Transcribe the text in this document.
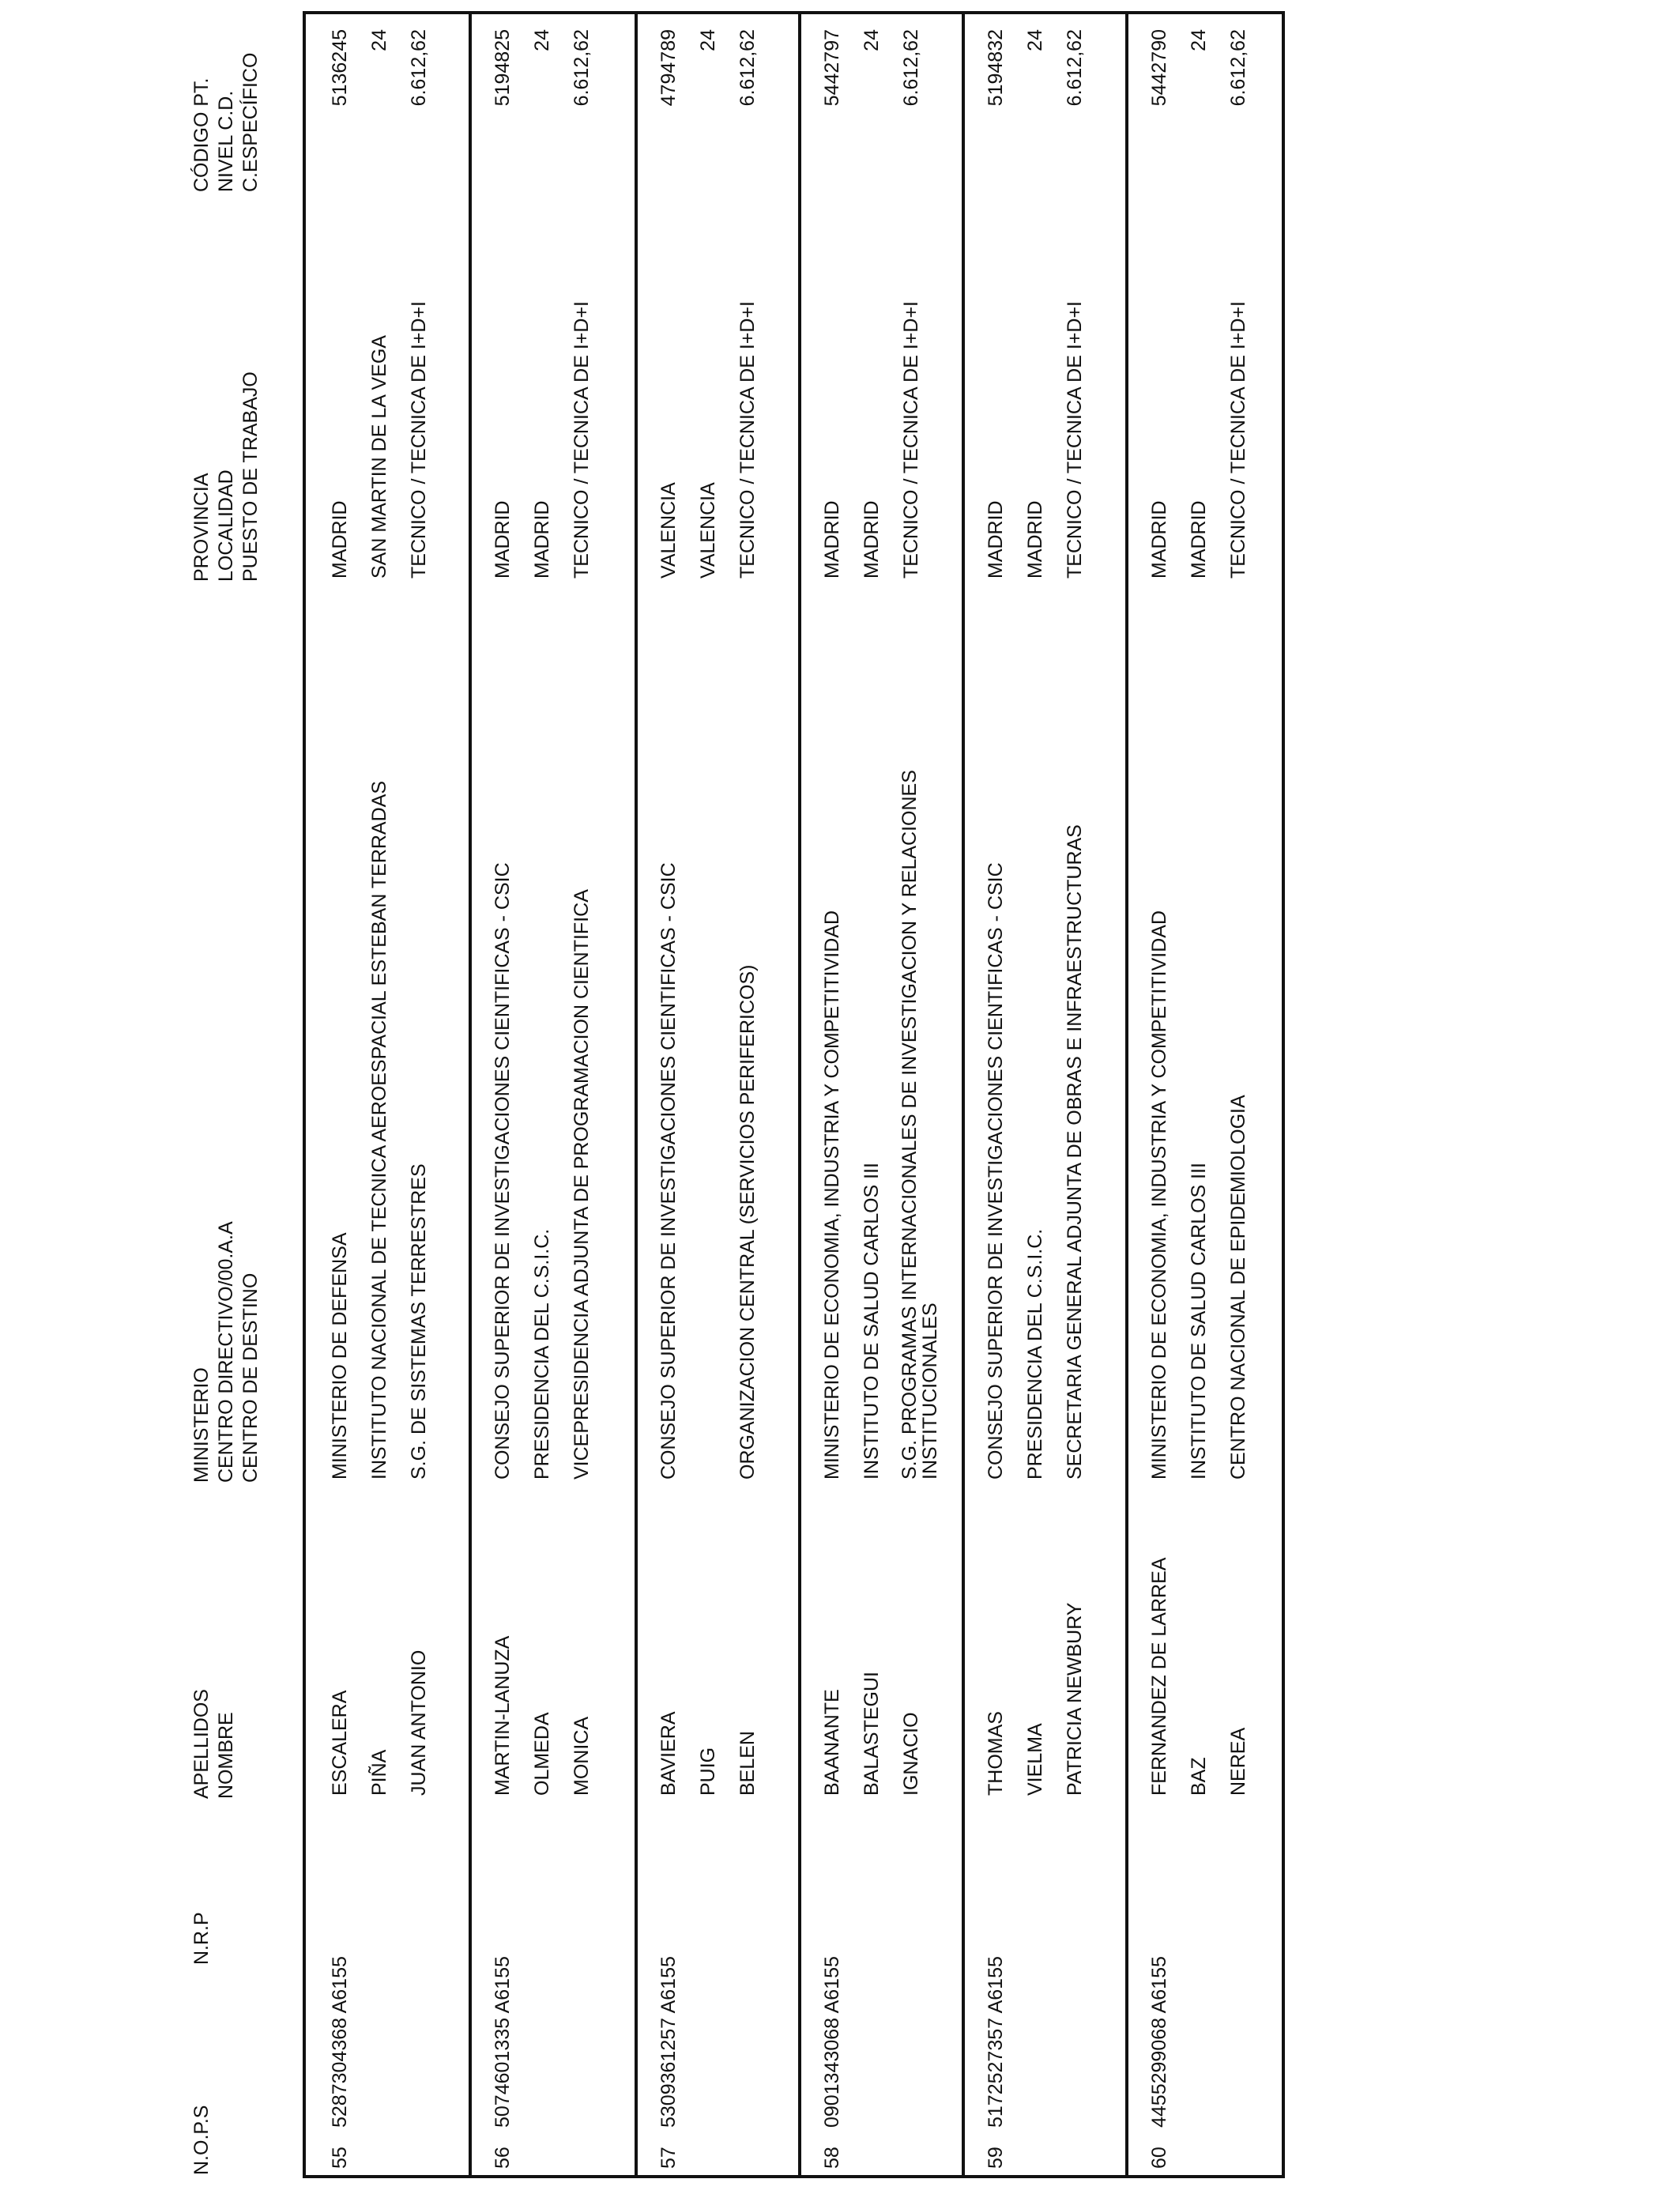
N.O.P.S
N.R.P
APELLIDOS NOMBRE
MINISTERIO CENTRO DIRECTIVO/00.A.A CENTRO DE DESTINO
PROVINCIA LOCALIDAD PUESTO DE TRABAJO
CÓDIGO PT. NIVEL C.D. C.ESPECÍFICO
55
5287304368 A6155
ESCALERA PIÑA JUAN ANTONIO
MINISTERIO DE DEFENSA INSTITUTO NACIONAL DE TECNICA AEROESPACIAL ESTEBAN TERRADAS S.G. DE SISTEMAS TERRESTRES
MADRID SAN MARTIN DE LA VEGA TECNICO / TECNICA DE I+D+I
5136245 24 6.612,62
56
5074601335 A6155
MARTIN-LANUZA OLMEDA MONICA
CONSEJO SUPERIOR DE INVESTIGACIONES CIENTIFICAS - CSIC PRESIDENCIA DEL C.S.I.C. VICEPRESIDENCIA ADJUNTA DE PROGRAMACION CIENTIFICA
MADRID MADRID TECNICO / TECNICA DE I+D+I
5194825 24 6.612,62
57
5309361257 A6155
BAVIERA PUIG BELEN
CONSEJO SUPERIOR DE INVESTIGACIONES CIENTIFICAS - CSIC	ORGANIZACION CENTRAL (SERVICIOS PERIFERICOS)
VALENCIA VALENCIA TECNICO / TECNICA DE I+D+I
4794789 24 6.612,62
58
0901343068 A6155
BAANANTE BALASTEGUI IGNACIO
MINISTERIO DE ECONOMIA, INDUSTRIA Y COMPETITIVIDAD INSTITUTO DE SALUD CARLOS III S.G. PROGRAMAS INTERNACIONALES DE INVESTIGACION Y RELACIONES INSTITUCIONALES
MADRID MADRID TECNICO / TECNICA DE I+D+I
5442797 24 6.612,62
59
5172527357 A6155
THOMAS VIELMA PATRICIA NEWBURY
CONSEJO SUPERIOR DE INVESTIGACIONES CIENTIFICAS - CSIC PRESIDENCIA DEL C.S.I.C. SECRETARIA GENERAL ADJUNTA DE OBRAS E INFRAESTRUCTURAS
MADRID MADRID TECNICO / TECNICA DE I+D+I
5194832 24 6.612,62
60
4455299068 A6155
FERNANDEZ DE LARREA BAZ NEREA
MINISTERIO DE ECONOMIA, INDUSTRIA Y COMPETITIVIDAD INSTITUTO DE SALUD CARLOS III CENTRO NACIONAL DE EPIDEMIOLOGIA
MADRID MADRID TECNICO / TECNICA DE I+D+I
5442790 24 6.612,62
